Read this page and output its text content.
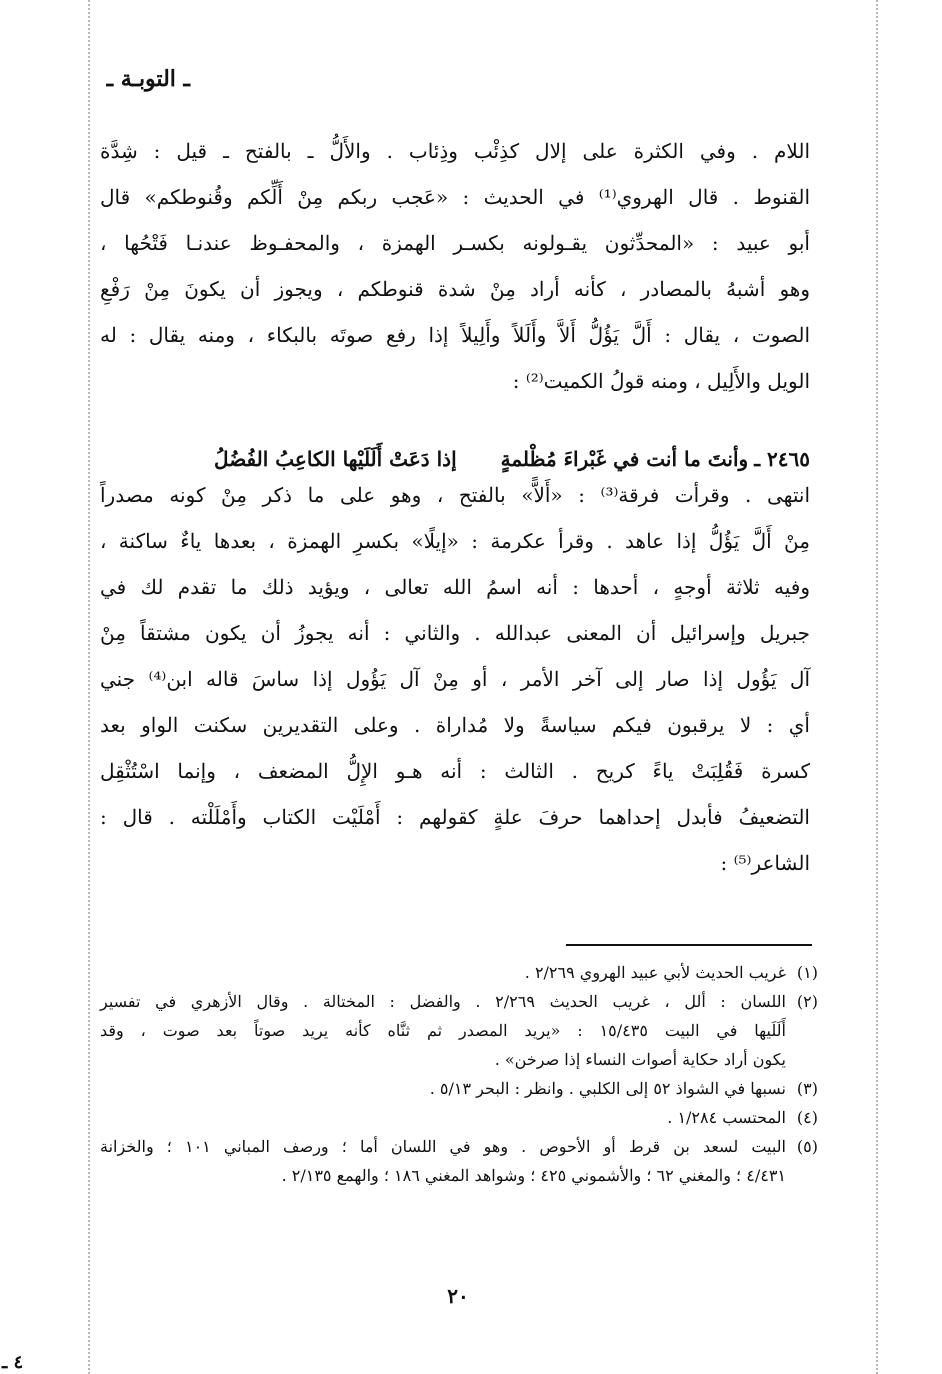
ـ التوبـة ـ
اللام . وفي الكثرة على إلال كذِئْب وذِئاب . والأَلُّ ـ بالفتح ـ قيل : شِدَّة
القنوط . قال الهروي⁽¹⁾ في الحديث : «عَجب ربكم مِنْ أَلِّكم وقُنوطكم» قال
أبو عبيد : «المحدِّثون يقـولونه بكسـر الهمزة ، والمحفـوظ عندنـا فَتْحُها ،
وهو أشبهُ بالمصادر ، كأنه أراد مِنْ شدة قنوطكم ، ويجوز أن يكونَ مِنْ رَفْعِ
الصوت ، يقال : أَلَّ يَؤُلُّ أَلاَّ وأَلَلاً وأَلِيلاً إذا رفع صوتَه بالبكاء ، ومنه يقال : له
الويل والأَلِيل ، ومنه قولُ الكميت⁽²⁾ :
٢٤٦٥ ـ
وأنتَ ما أنت في غَبْراءَ مُظْلمةٍ
إذا دَعَتْ أَلَلَيْها الكاعِبُ الفُضُلُ
انتهى . وقرأت فرقة⁽³⁾ : «أَلاًّ» بالفتح ، وهو على ما ذكر مِنْ كونه مصدراً
مِنْ أَلَّ يَؤُلُّ إذا عاهد . وقرأ عكرمة : «إيلًا» بكسرِ الهمزة ، بعدها ياءٌ ساكنة ،
وفيه ثلاثة أوجهٍ ، أحدها : أنه اسمُ الله تعالى ، ويؤيد ذلك ما تقدم لك في
جبريل وإسرائيل أن المعنى عبدالله . والثاني : أنه يجوزُ أن يكون مشتقاً مِنْ
آل يَؤُول إذا صار إلى آخر الأمر ، أو مِنْ آل يَؤُول إذا ساسَ قاله ابن⁽⁴⁾ جني
أي : لا يرقبون فيكم سياسةً ولا مُداراة . وعلى التقديرين سكنت الواو بعد
كسرة فَقُلِبَتْ ياءً كريح . الثالث : أنه هـو الإِلُّ المضعف ، وإنما اسْتُثْقِل
التضعيفُ فأبدل إحداهما حرفَ علةٍ كقولهم : أَمْلَيْت الكتاب وأَمْلَلْته . قال :
الشاعر⁽⁵⁾ :
(١)غريب الحديث لأبي عبيد الهروي ٢/٢٦٩ .
(٢)اللسان : ألل ، غريب الحديث ٢/٢٦٩ . والفضل : المختالة . وقال الأزهري في تفسير
أَلَلَيها في البيت ١٥/٤٣٥ : «يريد المصدر ثم ثنَّاه كأنه يريد صوتاً بعد صوت ، وقد
يكون أراد حكاية أصوات النساء إذا صرخن» .
(٣)نسبها في الشواذ ٥٢ إلى الكلبي . وانظر : البحر ٥/١٣ .
(٤)المحتسب ١/٢٨٤ .
(٥)البيت لسعد بن قرط أو الأحوص . وهو في اللسان أما ؛ ورصف المباني ١٠١ ؛ والخزانة
٤/٤٣١ ؛ والمغني ٦٢ ؛ والأشموني ٤٢٥ ؛ وشواهد المغني ١٨٦ ؛ والهمع ٢/١٣٥ .
٢٠
٤ ـ
